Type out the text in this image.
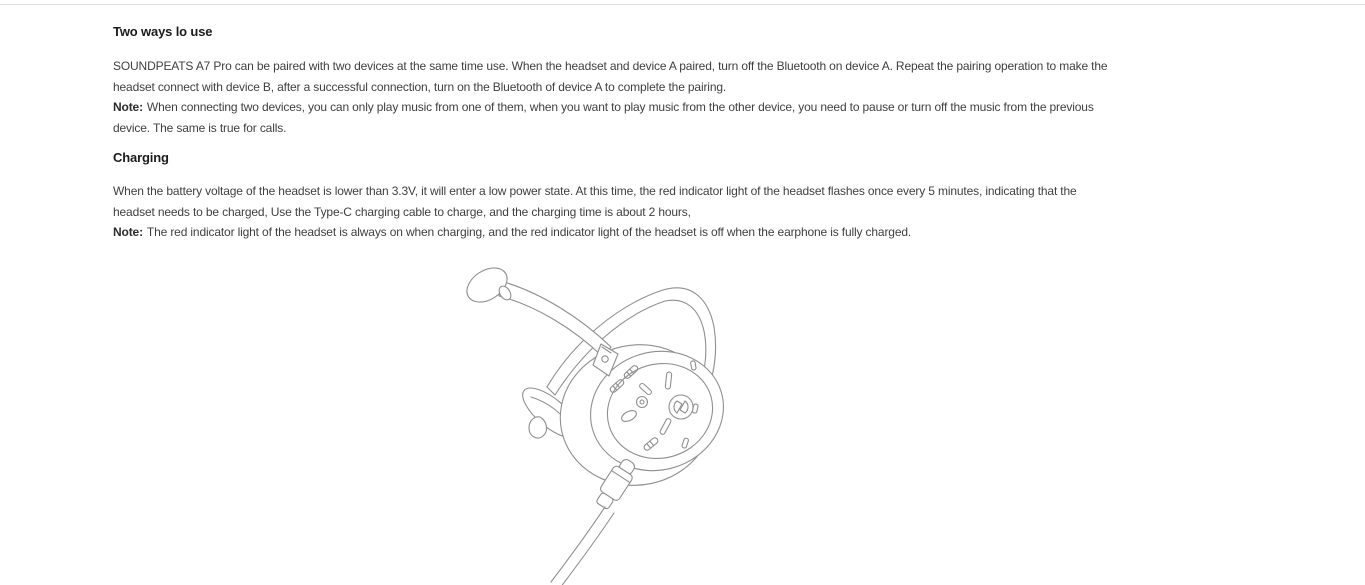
Two ways lo use
SOUNDPEATS A7 Pro can be paired with two devices at the same time use. When the headset and device A paired, turn off the Bluetooth on device A. Repeat the pairing operation to make the
headset connect with device B, after a successful connection, turn on the Bluetooth of device A to complete the pairing.
Note: When connecting two devices, you can only play music from one of them, when you want to play music from the other device, you need to pause or turn off the music from the previous
device. The same is true for calls.
Charging
When the battery voltage of the headset is lower than 3.3V, it will enter a low power state. At this time, the red indicator light of the headset flashes once every 5 minutes, indicating that the
headset needs to be charged, Use the Type-C charging cable to charge, and the charging time is about 2 hours,
Note: The red indicator light of the headset is always on when charging, and the red indicator light of the headset is off when the earphone is fully charged.
